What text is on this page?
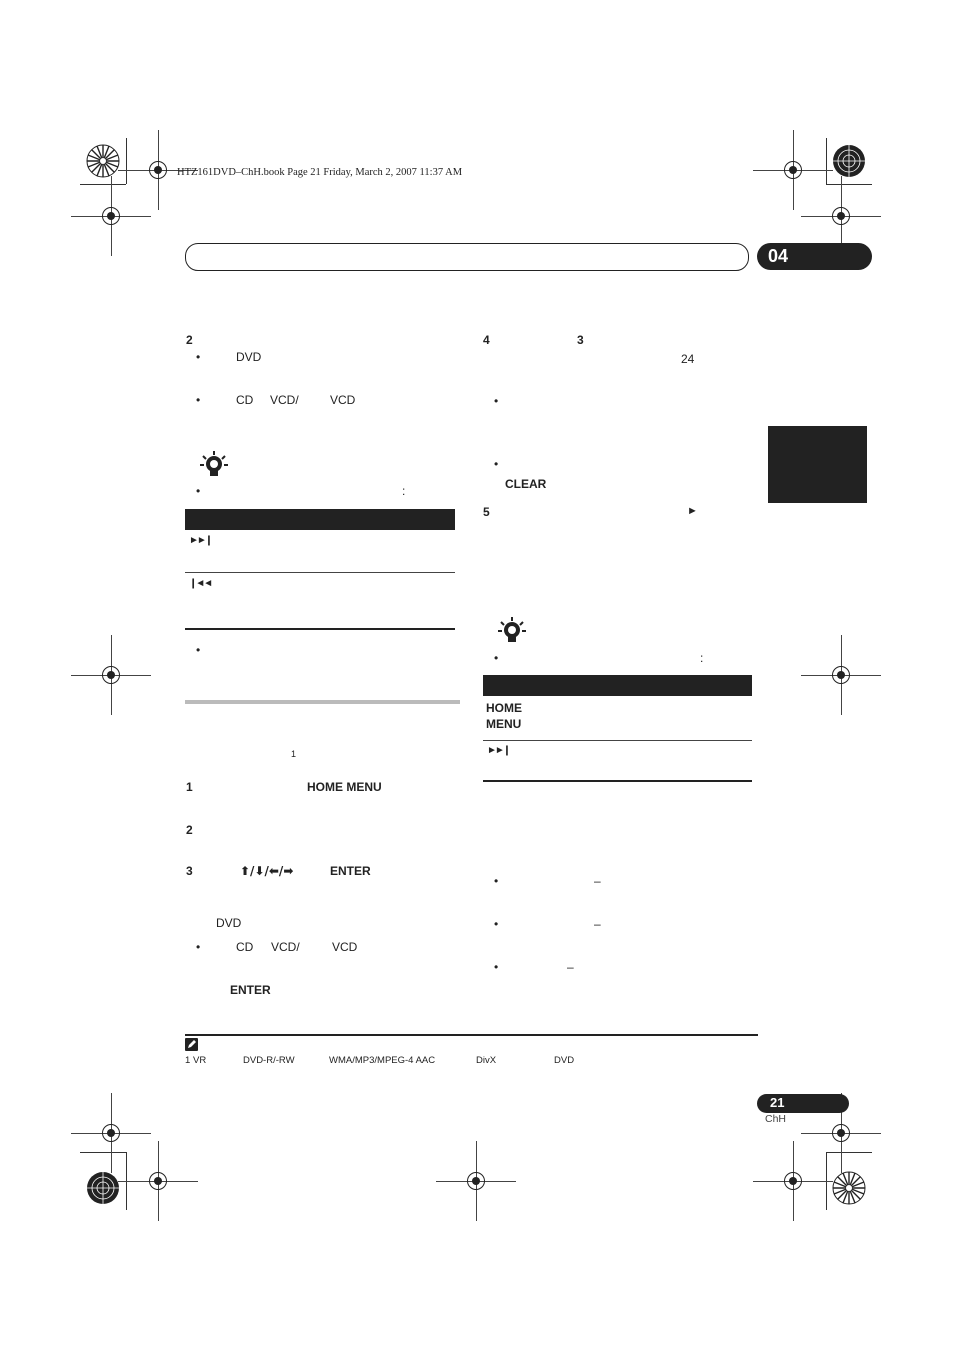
HTZ161DVD–ChH.book Page 21 Friday, March 2, 2007 11:37 AM
04
2
•	DVD
•	CD VCD/	VCD
•	:
►►❙
❙◄◄
•
1
1	HOME MENU
2
3	⬆/⬇/⬅/➡	ENTER
DVD
•	CD VCD/	VCD
ENTER
4	3
24
•
•
CLEAR
5	►
•	:
HOME
MENU
►►❙
•	–
•	–
•	–
1 VR	DVD-R/-RW	WMA/MP3/MPEG-4 AAC	DivX	DVD
21
ChH
